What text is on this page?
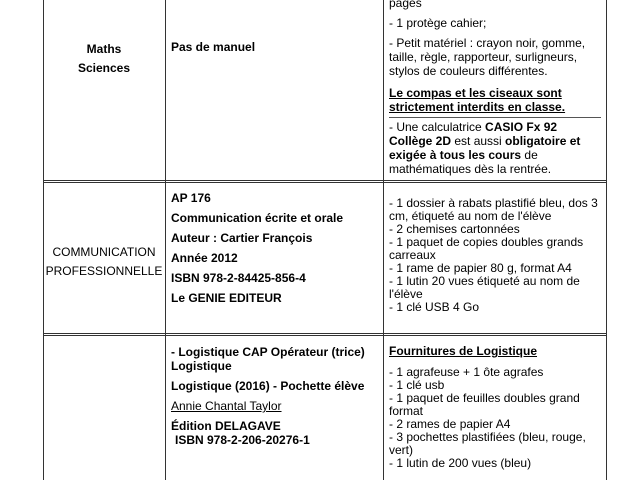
Maths
Sciences
Pas de manuel

pages

- 1 protège cahier;

- Petit matériel : crayon noir, gomme, taille, règle, rapporteur, surligneurs, stylos de couleurs différentes.

Le compas et les ciseaux sont strictement interdits en classe.

- Une calculatrice CASIO Fx 92 Collège 2D est aussi obligatoire et exigée à tous les cours de mathématiques dès la rentrée.

COMMUNICATION
PROFESSIONNELLE

AP 176

Communication écrite et orale

Auteur : Cartier François

Année 2012

ISBN 978-2-84425-856-4

Le GENIE EDITEUR

- 1 dossier à rabats plastifié bleu, dos 3 cm, étiqueté au nom de l'élève

- 2 chemises cartonnées

- 1 paquet de copies doubles grands carreaux

- 1 rame de papier 80 g, format A4

- 1 lutin 20 vues étiqueté au nom de l'élève

- 1 clé USB 4 Go

- Logistique CAP Opérateur (trice) Logistique

Logistique (2016) - Pochette élève

Annie Chantal Taylor

Édition DELAGAVE

ISBN 978-2-206-20276-1

Fournitures de Logistique

- 1 agrafeuse + 1 ôte agrafes

- 1 clé usb

- 1 paquet de feuilles doubles grand format

- 2 rames de papier A4

- 3 pochettes plastifiées (bleu, rouge, vert)

- 1 lutin de 200 vues (bleu)
